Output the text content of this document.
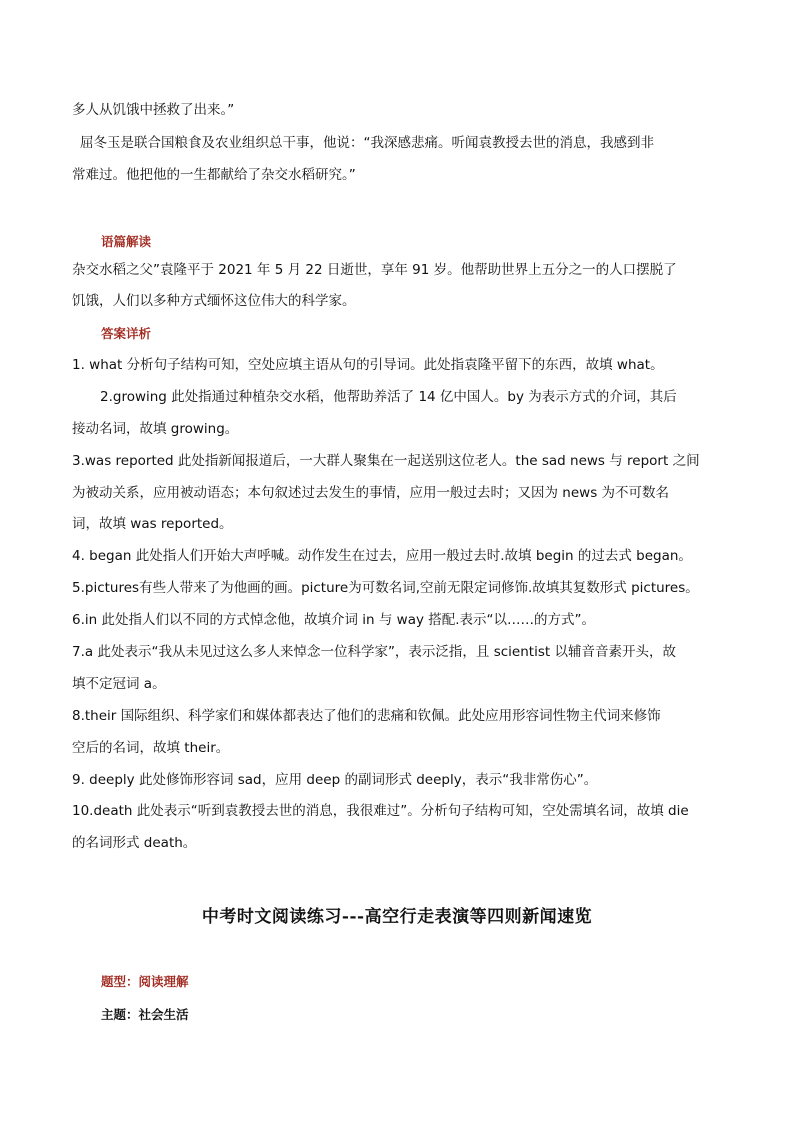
多人从饥饿中拯救了出来。”
屈冬玉是联合国粮食及农业组织总干事，他说：“我深感悲痛。听闻袁教授去世的消息，我感到非
常难过。他把他的一生都献给了杂交水稻研究。”
语篇解读
杂交水稻之父”袁隆平于 2021 年 5 月 22 日逝世，享年 91 岁。他帮助世界上五分之一的人口摆脱了
饥饿，人们以多种方式缅怀这位伟大的科学家。
答案详析
1. what 分析句子结构可知，空处应填主语从句的引导词。此处指袁隆平留下的东西，故填 what。
2.growing 此处指通过种植杂交水稻，他帮助养活了 14 亿中国人。by 为表示方式的介词，其后
接动名词，故填 growing。
3.was reported 此处指新闻报道后，一大群人聚集在一起送别这位老人。the sad news 与 report 之间
为被动关系，应用被动语态；本句叙述过去发生的事情，应用一般过去时；又因为 news 为不可数名
词，故填 was reported。
4. began 此处指人们开始大声呼喊。动作发生在过去，应用一般过去时.故填 begin 的过去式 began。
5.pictures有些人带来了为他画的画。picture为可数名词,空前无限定词修饰.故填其复数形式 pictures。
6.in 此处指人们以不同的方式悼念他，故填介词 in 与 way 搭配.表示“以……的方式”。
7.a 此处表示“我从未见过这么多人来悼念一位科学家”，表示泛指，且 scientist 以辅音音素开头，故
填不定冠词 a。
8.their 国际组织、科学家们和媒体都表达了他们的悲痛和钦佩。此处应用形容词性物主代词来修饰
空后的名词，故填 their。
9. deeply 此处修饰形容词 sad，应用 deep 的副词形式 deeply，表示“我非常伤心”。
10.death 此处表示“听到袁教授去世的消息，我很难过”。分析句子结构可知，空处需填名词，故填 die
的名词形式 death。
中考时文阅读练习---高空行走表演等四则新闻速览
题型：阅读理解
主题：社会生活
